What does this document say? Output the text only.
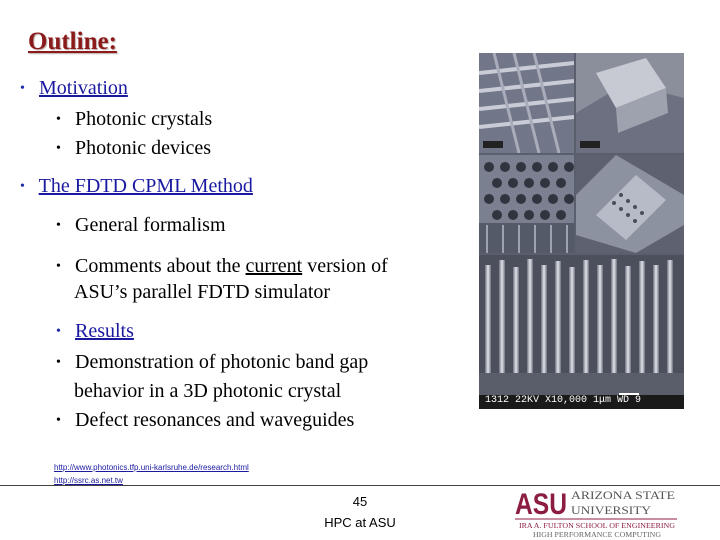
Outline:
• Motivation
• Photonic crystals
• Photonic devices
• The FDTD CPML Method
• General formalism
• Comments about the current version of
ASU’s parallel FDTD simulator
• Results
• Demonstration of photonic band gap
behavior in a 3D photonic crystal
• Defect resonances and waveguides
http://www.photonics.tfp.uni-karlsruhe.de/research.html
http://ssrc.as.net.tw
1312 22KV X10,000 1μm WD 9
45
HPC at ASU
ASU ARIZONA STATE
UNIVERSITY
IRA A. FULTON SCHOOL OF ENGINEERING
HIGH PERFORMANCE COMPUTING
